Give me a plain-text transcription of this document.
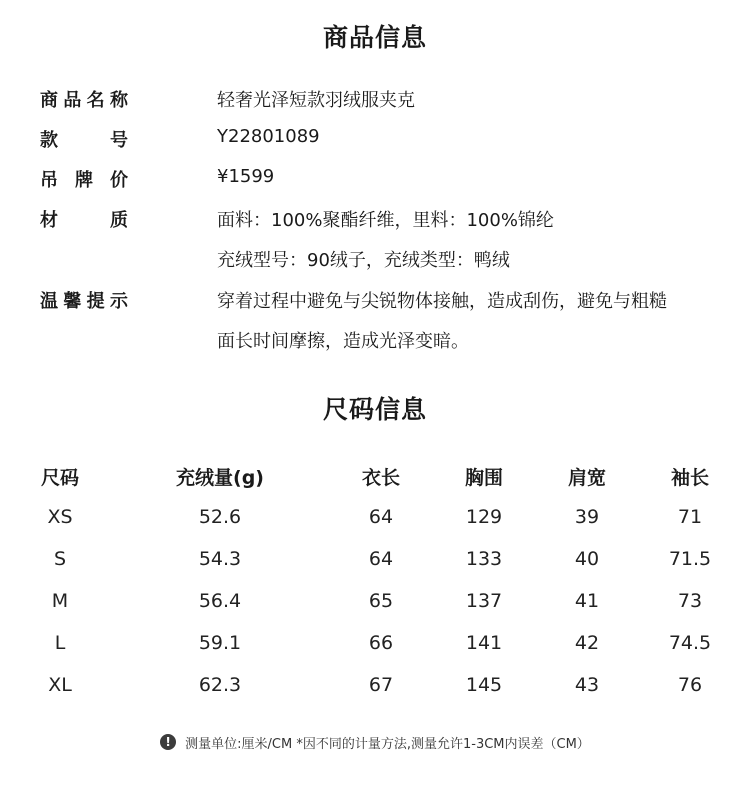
商品信息
商 品 名 称	轻奢光泽短款羽绒服夹克
款	号	Y22801089
吊 牌 价	¥1599
材	质	面料：100%聚酯纤维，里料：100%锦纶
充绒型号：90绒子，充绒类型：鸭绒
温 馨 提 示	穿着过程中避免与尖锐物体接触，造成刮伤，避免与粗糙
面长时间摩擦，造成光泽变暗。
尺码信息
尺码	充绒量(g)	衣长	胸围	肩宽	袖长
XS	52.6	64	129	39	71
S	54.3	64	133	40	71.5
M	56.4	65	137	41	73
L	59.1	66	141	42	74.5
XL	62.3	67	145	43	76
!	测量单位:厘米/CM *因不同的计量方法,测量允许1-3CM内误差（CM）
